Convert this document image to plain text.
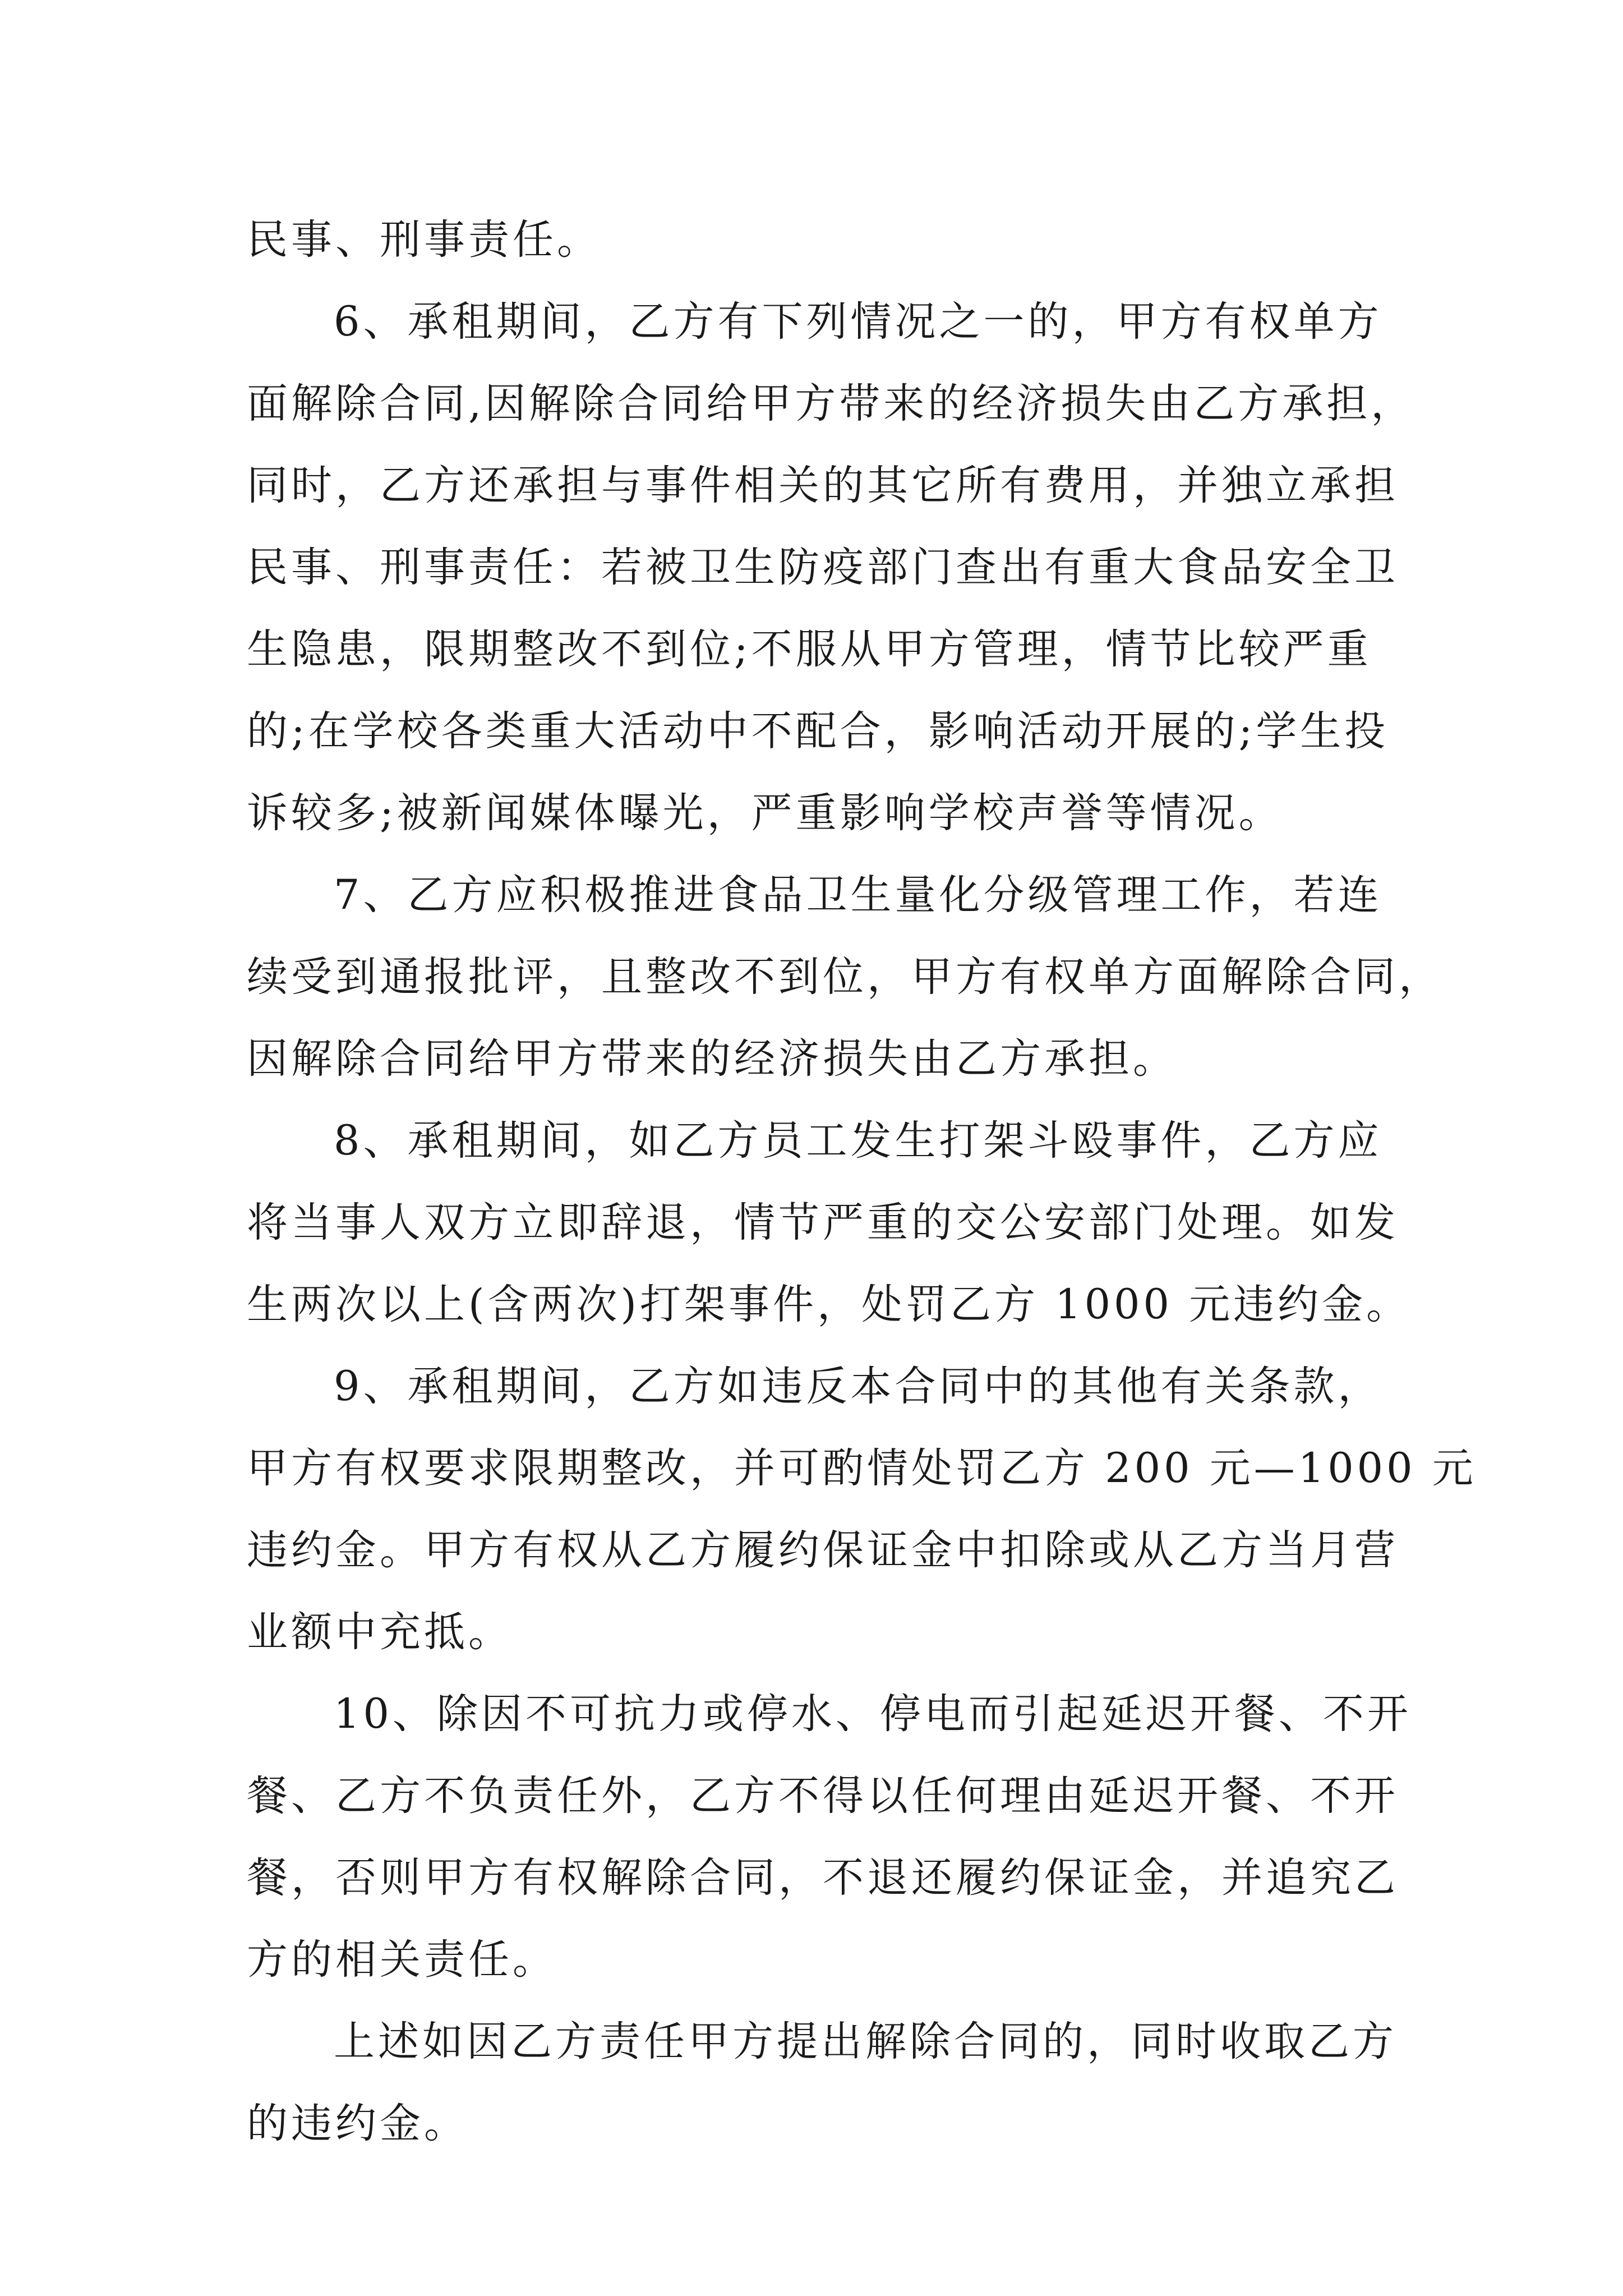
民事、刑事责任。
6、承租期间，乙方有下列情况之一的，甲方有权单方
面解除合同,因解除合同给甲方带来的经济损失由乙方承担，
同时，乙方还承担与事件相关的其它所有费用，并独立承担
民事、刑事责任：若被卫生防疫部门查出有重大食品安全卫
生隐患，限期整改不到位;不服从甲方管理，情节比较严重
的;在学校各类重大活动中不配合，影响活动开展的;学生投
诉较多;被新闻媒体曝光，严重影响学校声誉等情况。
7、乙方应积极推进食品卫生量化分级管理工作，若连
续受到通报批评，且整改不到位，甲方有权单方面解除合同，
因解除合同给甲方带来的经济损失由乙方承担。
8、承租期间，如乙方员工发生打架斗殴事件，乙方应
将当事人双方立即辞退，情节严重的交公安部门处理。如发
生两次以上(含两次)打架事件，处罚乙方 1000 元违约金。
9、承租期间，乙方如违反本合同中的其他有关条款，
甲方有权要求限期整改，并可酌情处罚乙方 200 元—1000 元
违约金。甲方有权从乙方履约保证金中扣除或从乙方当月营
业额中充抵。
10、除因不可抗力或停水、停电而引起延迟开餐、不开
餐、乙方不负责任外，乙方不得以任何理由延迟开餐、不开
餐，否则甲方有权解除合同，不退还履约保证金，并追究乙
方的相关责任。
上述如因乙方责任甲方提出解除合同的，同时收取乙方
的违约金。
